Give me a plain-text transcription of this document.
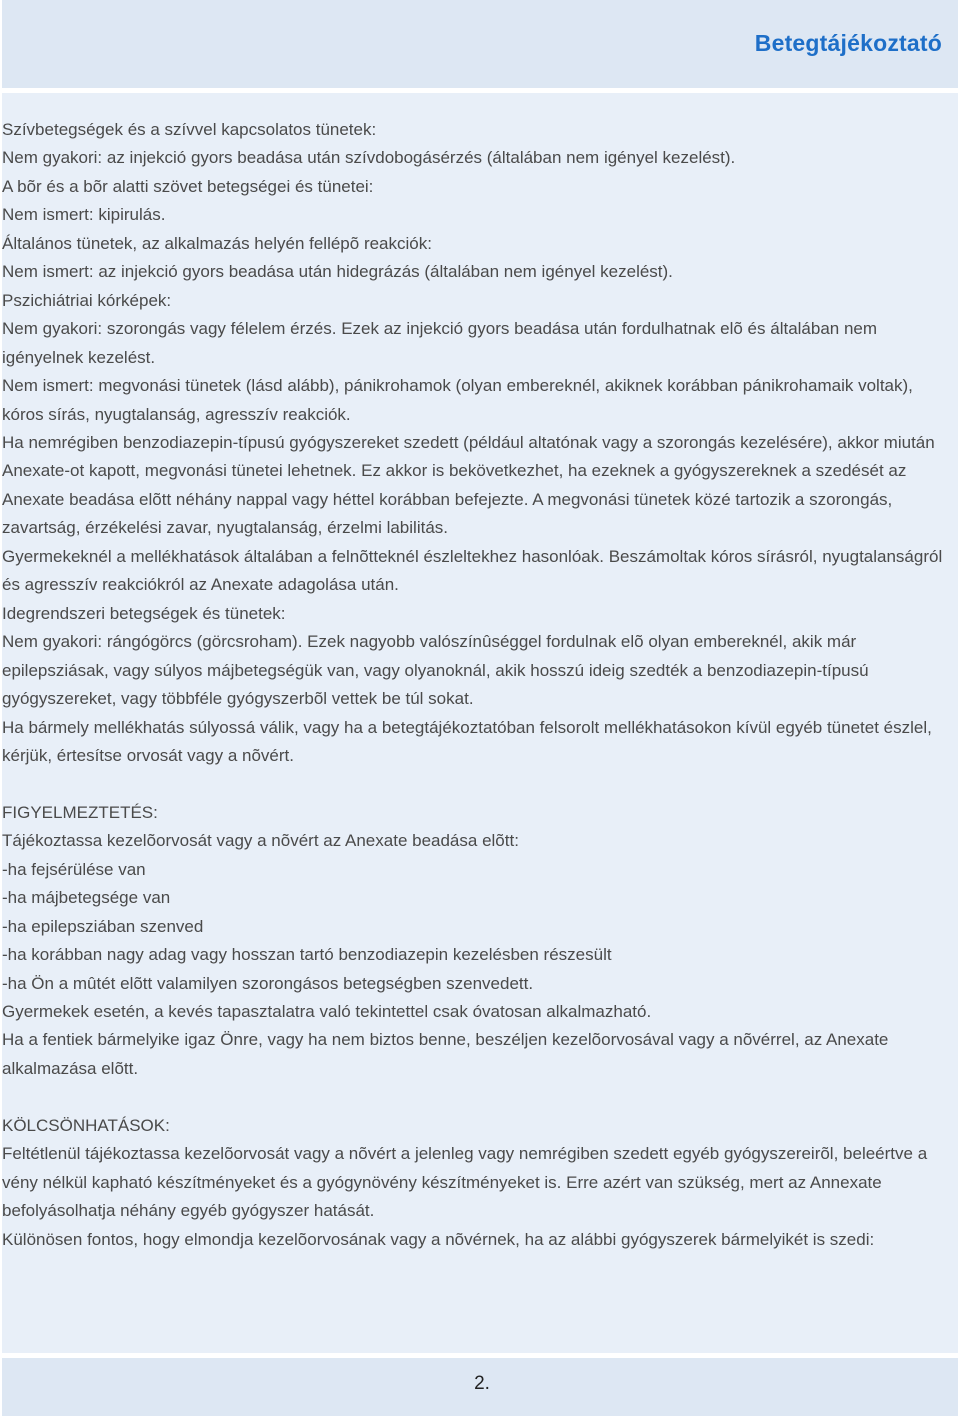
Betegtájékoztató

Szívbetegségek és a szívvel kapcsolatos tünetek:

Nem gyakori: az injekció gyors beadása után szívdobogásérzés (általában nem igényel kezelést).

A bõr és a bõr alatti szövet betegségei és tünetei:

Nem ismert: kipirulás.

Általános tünetek, az alkalmazás helyén fellépõ reakciók:

Nem ismert: az injekció gyors beadása után hidegrázás (általában nem igényel kezelést).

Pszichiátriai kórképek:

Nem gyakori: szorongás vagy félelem érzés. Ezek az injekció gyors beadása után fordulhatnak elõ és általában nem igényelnek kezelést.

Nem ismert: megvonási tünetek (lásd alább), pánikrohamok (olyan embereknél, akiknek korábban pánikrohamaik voltak), kóros sírás, nyugtalanság, agresszív reakciók.

Ha nemrégiben benzodiazepin-típusú gyógyszereket szedett (például altatónak vagy a szorongás kezelésére), akkor miután Anexate-ot kapott, megvonási tünetei lehetnek. Ez akkor is bekövetkezhet, ha ezeknek a gyógyszereknek a szedését az Anexate beadása elõtt néhány nappal vagy héttel korábban befejezte. A megvonási tünetek közé tartozik a szorongás, zavartság, érzékelési zavar, nyugtalanság, érzelmi labilitás.

Gyermekeknél a mellékhatások általában a felnõtteknél észleltekhez hasonlóak. Beszámoltak kóros sírásról, nyugtalanságról és agresszív reakciókról az Anexate adagolása után.

Idegrendszeri betegségek és tünetek:

Nem gyakori: rángógörcs (görcsroham). Ezek nagyobb valószínûséggel fordulnak elõ olyan embereknél, akik már epilepsziásak, vagy súlyos májbetegségük van, vagy olyanoknál, akik hosszú ideig szedték a benzodiazepin-típusú gyógyszereket, vagy többféle gyógyszerbõl vettek be túl sokat.

Ha bármely mellékhatás súlyossá válik, vagy ha a betegtájékoztatóban felsorolt mellékhatásokon kívül egyéb tünetet észlel, kérjük, értesítse orvosát vagy a nõvért.

FIGYELMEZTETÉS:

Tájékoztassa kezelõorvosát vagy a nõvért az Anexate beadása elõtt:

-ha fejsérülése van

-ha májbetegsége van

-ha epilepsziában szenved

-ha korábban nagy adag vagy hosszan tartó benzodiazepin kezelésben részesült

-ha Ön a mûtét elõtt valamilyen szorongásos betegségben szenvedett.

Gyermekek esetén, a kevés tapasztalatra való tekintettel csak óvatosan alkalmazható.

Ha a fentiek bármelyike igaz Önre, vagy ha nem biztos benne, beszéljen kezelõorvosával vagy a nõvérrel, az Anexate alkalmazása elõtt.

KÖLCSÖNHATÁSOK:

Feltétlenül tájékoztassa kezelõorvosát vagy a nõvért a jelenleg vagy nemrégiben szedett egyéb gyógyszereirõl, beleértve a vény nélkül kapható készítményeket és a gyógynövény készítményeket is. Erre azért van szükség, mert az Annexate befolyásolhatja néhány egyéb gyógyszer hatását.

Különösen fontos, hogy elmondja kezelõorvosának vagy a nõvérnek, ha az alábbi gyógyszerek bármelyikét is szedi:

2.
